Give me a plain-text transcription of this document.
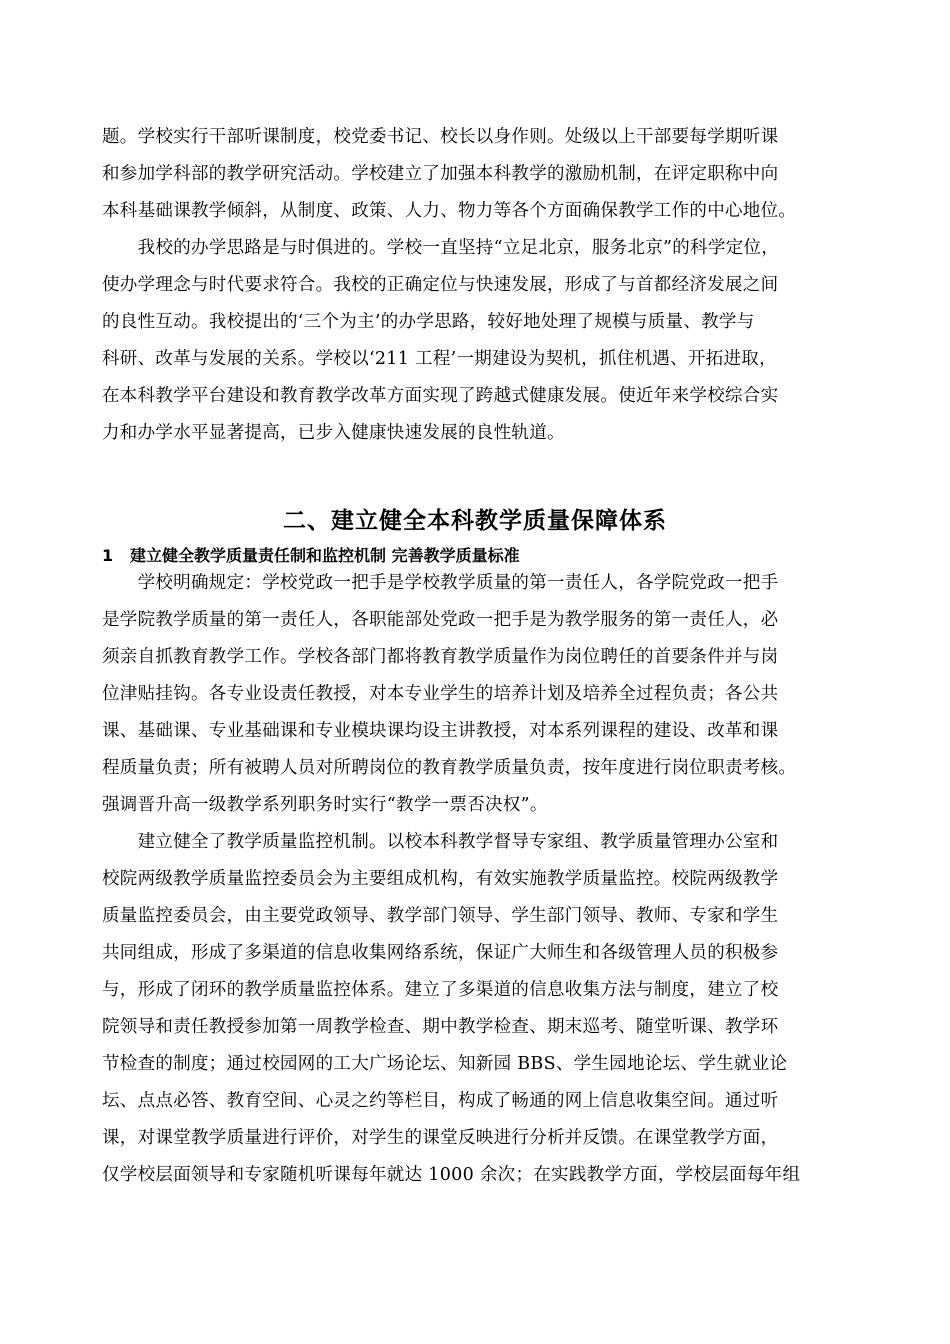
题。学校实行干部听课制度，校党委书记、校长以身作则。处级以上干部要每学期听课
和参加学科部的教学研究活动。学校建立了加强本科教学的激励机制，在评定职称中向
本科基础课教学倾斜，从制度、政策、人力、物力等各个方面确保教学工作的中心地位。
　　我校的办学思路是与时俱进的。学校一直坚持“立足北京，服务北京”的科学定位，
使办学理念与时代要求符合。我校的正确定位与快速发展，形成了与首都经济发展之间
的良性互动。我校提出的‘三个为主’的办学思路，较好地处理了规模与质量、教学与
科研、改革与发展的关系。学校以‘211 工程’一期建设为契机，抓住机遇、开拓进取，
在本科教学平台建设和教育教学改革方面实现了跨越式健康发展。使近年来学校综合实
力和办学水平显著提高，已步入健康快速发展的良性轨道。
二、建立健全本科教学质量保障体系
1 建立健全教学质量责任制和监控机制 完善教学质量标准
　　学校明确规定：学校党政一把手是学校教学质量的第一责任人，各学院党政一把手
是学院教学质量的第一责任人，各职能部处党政一把手是为教学服务的第一责任人，必
须亲自抓教育教学工作。学校各部门都将教育教学质量作为岗位聘任的首要条件并与岗
位津贴挂钩。各专业设责任教授，对本专业学生的培养计划及培养全过程负责；各公共
课、基础课、专业基础课和专业模块课均设主讲教授，对本系列课程的建设、改革和课
程质量负责；所有被聘人员对所聘岗位的教育教学质量负责，按年度进行岗位职责考核。
强调晋升高一级教学系列职务时实行“教学一票否决权”。
　　建立健全了教学质量监控机制。以校本科教学督导专家组、教学质量管理办公室和
校院两级教学质量监控委员会为主要组成机构，有效实施教学质量监控。校院两级教学
质量监控委员会，由主要党政领导、教学部门领导、学生部门领导、教师、专家和学生
共同组成，形成了多渠道的信息收集网络系统，保证广大师生和各级管理人员的积极参
与，形成了闭环的教学质量监控体系。建立了多渠道的信息收集方法与制度，建立了校
院领导和责任教授参加第一周教学检查、期中教学检查、期末巡考、随堂听课、教学环
节检查的制度；通过校园网的工大广场论坛、知新园 BBS、学生园地论坛、学生就业论
坛、点点必答、教育空间、心灵之约等栏目，构成了畅通的网上信息收集空间。通过听
课，对课堂教学质量进行评价，对学生的课堂反映进行分析并反馈。在课堂教学方面，
仅学校层面领导和专家随机听课每年就达 1000 余次；在实践教学方面，学校层面每年组
